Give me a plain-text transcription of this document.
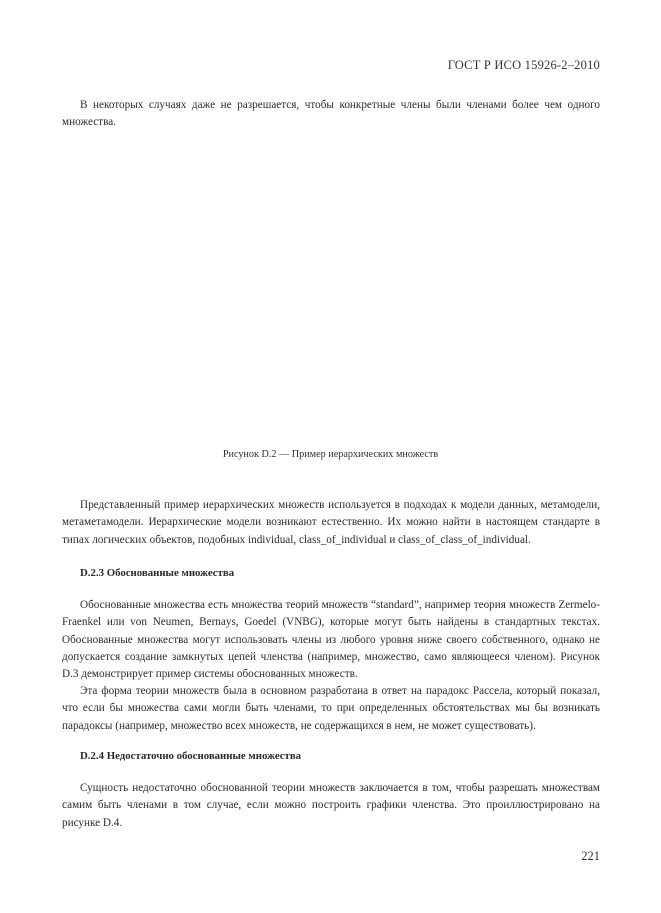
ГОСТ Р ИСО 15926-2–2010

В некоторых случаях даже не разрешается, чтобы конкретные члены были членами более чем одного множества.

Рисунок D.2 — Пример иерархических множеств

Представленный пример иерархических множеств используется в подходах к модели данных, метамодели, метаметамодели. Иерархические модели возникают естественно. Их можно найти в настоящем стандарте в типах логических объектов, подобных individual, class_of_individual и class_of_class_of_individual.

D.2.3 Обоснованные множества

Обоснованные множества есть множества теорий множеств “standard”, например теория множеств Zermelo-Fraenkel или von Neumen, Bernays, Goedel (VNBG), которые могут быть найдены в стандартных текстах. Обоснованные множества могут использовать члены из любого уровня ниже своего собственного, однако не допускается создание замкнутых цепей членства (например, множество, само являющееся членом). Рисунок D.3 демонстрирует пример системы обоснованных множеств.

Эта форма теории множеств была в основном разработана в ответ на парадокс Рассела, который показал, что если бы множества сами могли быть членами, то при определенных обстоятельствах мы бы возникать парадоксы (например, множество всех множеств, не содержащихся в нем, не может существовать).

D.2.4 Недостаточно обоснованные множества

Сущность недостаточно обоснованной теории множеств заключается в том, чтобы разрешать множествам самим быть членами в том случае, если можно построить графики членства. Это проиллюстрировано на рисунке D.4.

221
